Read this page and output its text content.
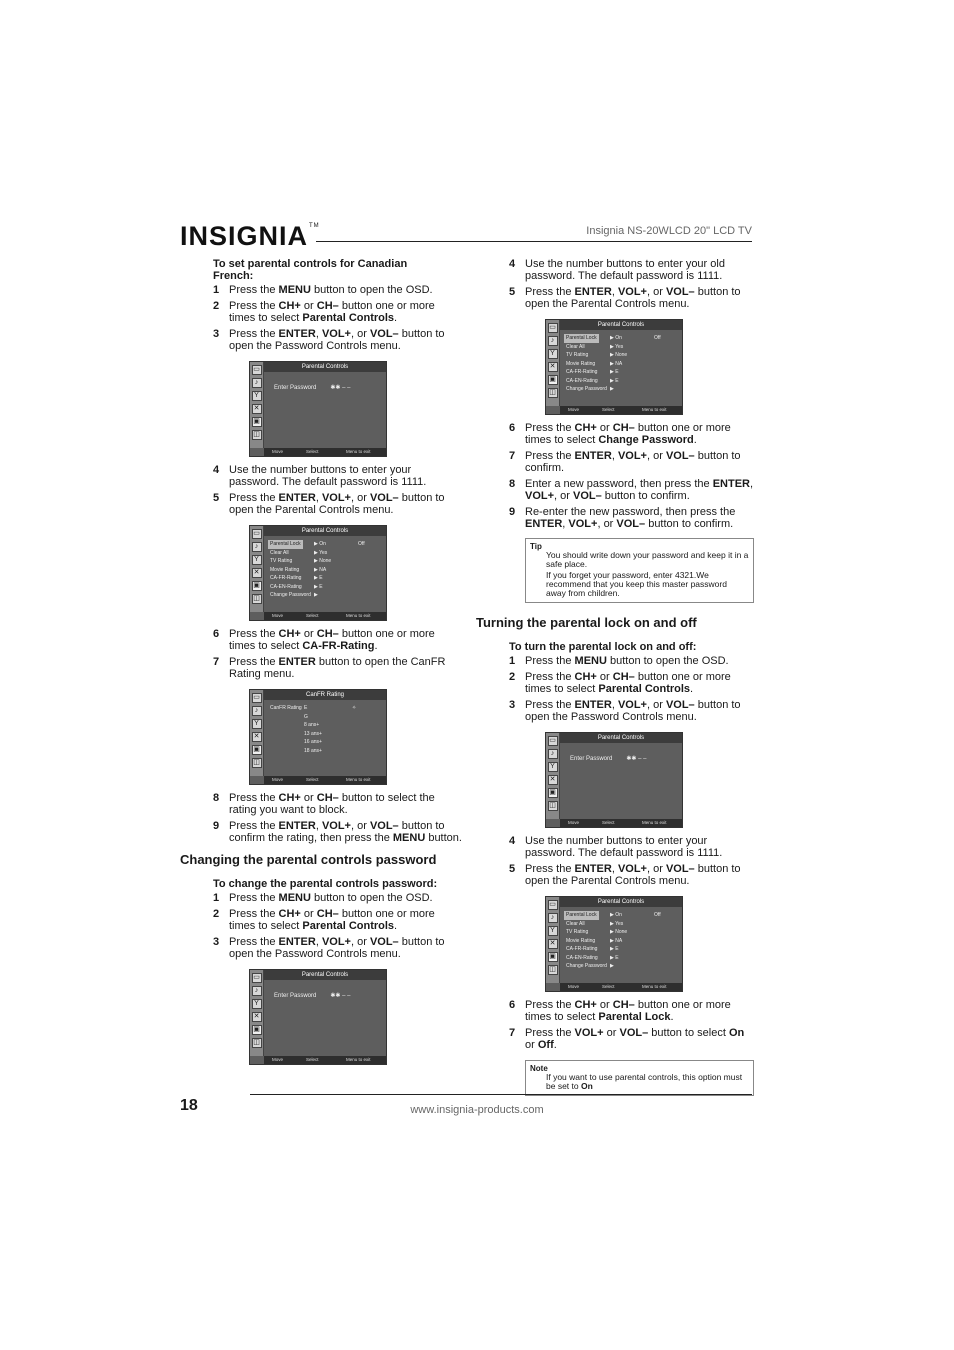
INSIGNIA™	Insignia NS-20WLCD 20" LCD TV
To set parental controls for Canadian French:
1 Press the MENU button to open the OSD.
2 Press the CH+ or CH– button one or more times to select Parental Controls.
3 Press the ENTER, VOL+, or VOL– button to open the Password Controls menu.
▭
♪
Y
✕
▣
◫
Parental Controls
Enter Password ✱✱ – –
Move	Select	Menu to exit
4 Use the number buttons to enter your password. The default password is 1111.
5 Press the ENTER, VOL+, or VOL– button to open the Parental Controls menu.
▭
♪
Y
✕
▣
◫
Parental Controls
Parental Lock	▶ On	Off
Clear All	▶ Yes
TV Rating	▶ None
Movie Rating	▶ NA
CA-FR-Rating	▶ E
CA-EN-Rating ▶ E
Change Password ▶
Move	Select	Menu to exit
6 Press the CH+ or CH– button one or more times to select CA-FR-Rating.
7 Press the ENTER button to open the CanFR Rating menu.
▭
♪
Y
✕
▣
◫
CanFR Rating
CanFR Rating E	✧
G
8 ans+
13 ans+
16 ans+
18 ans+
Move	Select	Menu to exit
8 Press the CH+ or CH– button to select the rating you want to block.
9 Press the ENTER, VOL+, or VOL– button to confirm the rating, then press the MENU button.
Changing the parental controls password
To change the parental controls password:
1 Press the MENU button to open the OSD.
2 Press the CH+ or CH– button one or more times to select Parental Controls.
3 Press the ENTER, VOL+, or VOL– button to open the Password Controls menu.
▭
♪
Y
✕
▣
◫
Parental Controls
Enter Password ✱✱ – –
Move	Select	Menu to exit
4 Use the number buttons to enter your old password. The default password is 1111.
5 Press the ENTER, VOL+, or VOL– button to open the Parental Controls menu.
▭
♪
Y
✕
▣
◫
Parental Controls
Parental Lock	▶ On	Off
Clear All	▶ Yes
TV Rating	▶ None
Movie Rating	▶ NA
CA-FR-Rating	▶ E
CA-EN-Rating ▶ E
Change Password ▶
Move	Select	Menu to exit
6 Press the CH+ or CH– button one or more times to select Change Password.
7 Press the ENTER, VOL+, or VOL– button to confirm.
8 Enter a new password, then press the ENTER, VOL+, or VOL– button to confirm.
9 Re-enter the new password, then press the ENTER, VOL+, or VOL– button to confirm.
Tip

You should write down your password and keep it in a safe place.

If you forget your password, enter 4321.We recommend that you keep this master password away from children.

Turning the parental lock on and off
To turn the parental lock on and off:
1 Press the MENU button to open the OSD.
2 Press the CH+ or CH– button one or more times to select Parental Controls.
3 Press the ENTER, VOL+, or VOL– button to open the Password Controls menu.
▭
♪
Y
✕
▣
◫
Parental Controls
Enter Password ✱✱ – –
Move	Select	Menu to exit
4 Use the number buttons to enter your password. The default password is 1111.
5 Press the ENTER, VOL+, or VOL– button to open the Parental Controls menu.
▭
♪
Y
✕
▣
◫
Parental Controls
Parental Lock	▶ On	Off
Clear All	▶ Yes
TV Rating	▶ None
Movie Rating	▶ NA
CA-FR-Rating	▶ E
CA-EN-Rating ▶ E
Change Password ▶
Move	Select	Menu to exit
6 Press the CH+ or CH– button one or more times to select Parental Lock.
7 Press the VOL+ or VOL– button to select On or Off.
Note

If you want to use parental controls, this option must be set to On

18	www.insignia-products.com
